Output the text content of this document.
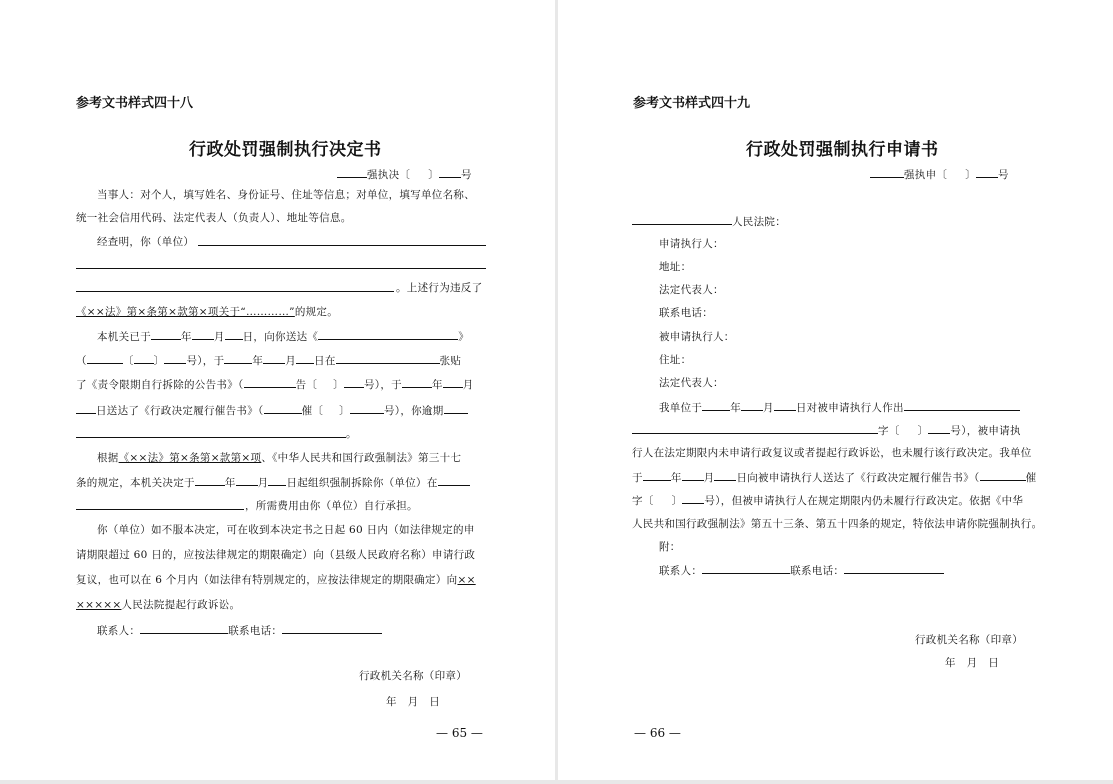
参考文书样式四十八
行政处罚强制执行决定书
强执决〔 〕 号
当事人：对个人，填写姓名、身份证号、住址等信息；对单位，填写单位名称、
统一社会信用代码、法定代表人（负责人）、地址等信息。
经查明，你（单位）
。上述行为违反了
《××法》第×条第×款第×项关于“…………”的规定。
本机关已于	年 月 日，向你送达《	》
（	〔 〕 号），于	年 月 日在	张贴
了《责令限期自行拆除的公告书》（	告〔 〕 号），于	年 月
日送达了《行政决定履行催告书》（	催〔 〕	号），你逾期
。
根据《××法》第×条第×款第×项、《中华人民共和国行政强制法》第三十七
条的规定，本机关决定于	年 月 日起组织强制拆除你（单位）在
，所需费用由你（单位）自行承担。
你（单位）如不服本决定，可在收到本决定书之日起 60 日内（如法律规定的申
请期限超过 60 日的，应按法律规定的期限确定）向（县级人民政府名称）申请行政
复议，也可以在 6 个月内（如法律有特别规定的，应按法律规定的期限确定）向××
×××××人民法院提起行政诉讼。
联系人：	联系电话：
行政机关名称（印章）
年　月　日
— 65 —
参考文书样式四十九
行政处罚强制执行申请书
强执申〔 〕 号
人民法院：
申请执行人：
地址：
法定代表人：
联系电话：
被申请执行人：
住址：
法定代表人：
我单位于	年 月 日对被申请执行人作出
字〔 〕 号），被申请执
行人在法定期限内未申请行政复议或者提起行政诉讼，也未履行该行政决定。我单位
于	年 月 日向被申请执行人送达了《行政决定履行催告书》（	催
字〔 〕 号），但被申请执行人在规定期限内仍未履行行政决定。依据《中华
人民共和国行政强制法》第五十三条、第五十四条的规定，特依法申请你院强制执行。
附：
联系人：	联系电话：
行政机关名称（印章）
年　月　日
— 66 —
